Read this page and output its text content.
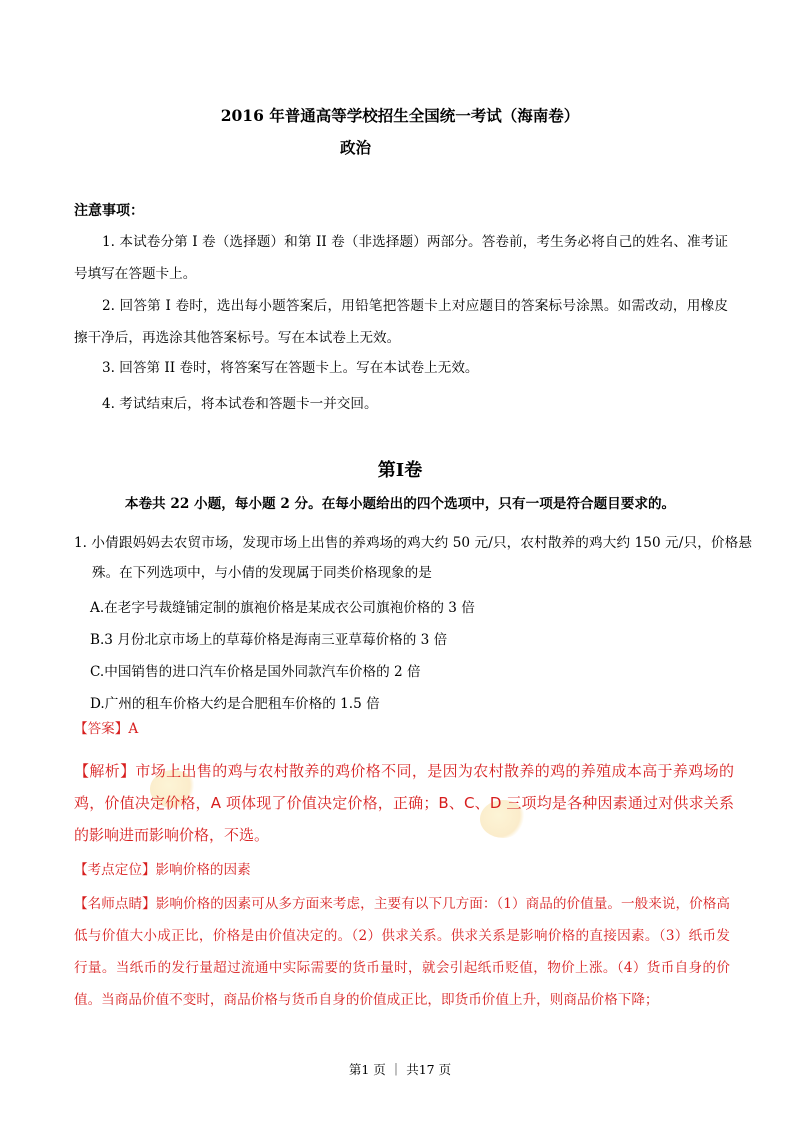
2016 年普通高等学校招生全国统一考试（海南卷）
政治
注意事项：
1. 本试卷分第 I 卷（选择题）和第 II 卷（非选择题）两部分。答卷前，考生务必将自己的姓名、准考证号填写在答题卡上。
2. 回答第 I 卷时，选出每小题答案后，用铅笔把答题卡上对应题目的答案标号涂黑。如需改动，用橡皮擦干净后，再选涂其他答案标号。写在本试卷上无效。
3. 回答第 II 卷时，将答案写在答题卡上。写在本试卷上无效。
4. 考试结束后，将本试卷和答题卡一并交回。
第Ⅰ卷
本卷共 22 小题，每小题 2 分。在每小题给出的四个选项中，只有一项是符合题目要求的。
1. 小倩跟妈妈去农贸市场，发现市场上出售的养鸡场的鸡大约 50 元/只，农村散养的鸡大约 150 元/只，价格悬殊。在下列选项中，与小倩的发现属于同类价格现象的是
A.在老字号裁缝铺定制的旗袍价格是某成衣公司旗袍价格的 3 倍
B.3 月份北京市场上的草莓价格是海南三亚草莓价格的 3 倍
C.中国销售的进口汽车价格是国外同款汽车价格的 2 倍
D.广州的租车价格大约是合肥租车价格的 1.5 倍
【答案】A
【解析】市场上出售的鸡与农村散养的鸡价格不同，是因为农村散养的鸡的养殖成本高于养鸡场的鸡，价值决定价格，A 项体现了价值决定价格，正确；B、C、D 三项均是各种因素通过对供求关系的影响进而影响价格，不选。
【考点定位】影响价格的因素
【名师点睛】影响价格的因素可从多方面来考虑，主要有以下几方面：（1）商品的价值量。一般来说，价格高低与价值大小成正比，价格是由价值决定的。（2）供求关系。供求关系是影响价格的直接因素。（3）纸币发行量。当纸币的发行量超过流通中实际需要的货币量时，就会引起纸币贬值，物价上涨。（4）货币自身的价值。当商品价值不变时，商品价格与货币自身的价值成正比，即货币价值上升，则商品价格下降；
第1 页 ｜ 共17 页
